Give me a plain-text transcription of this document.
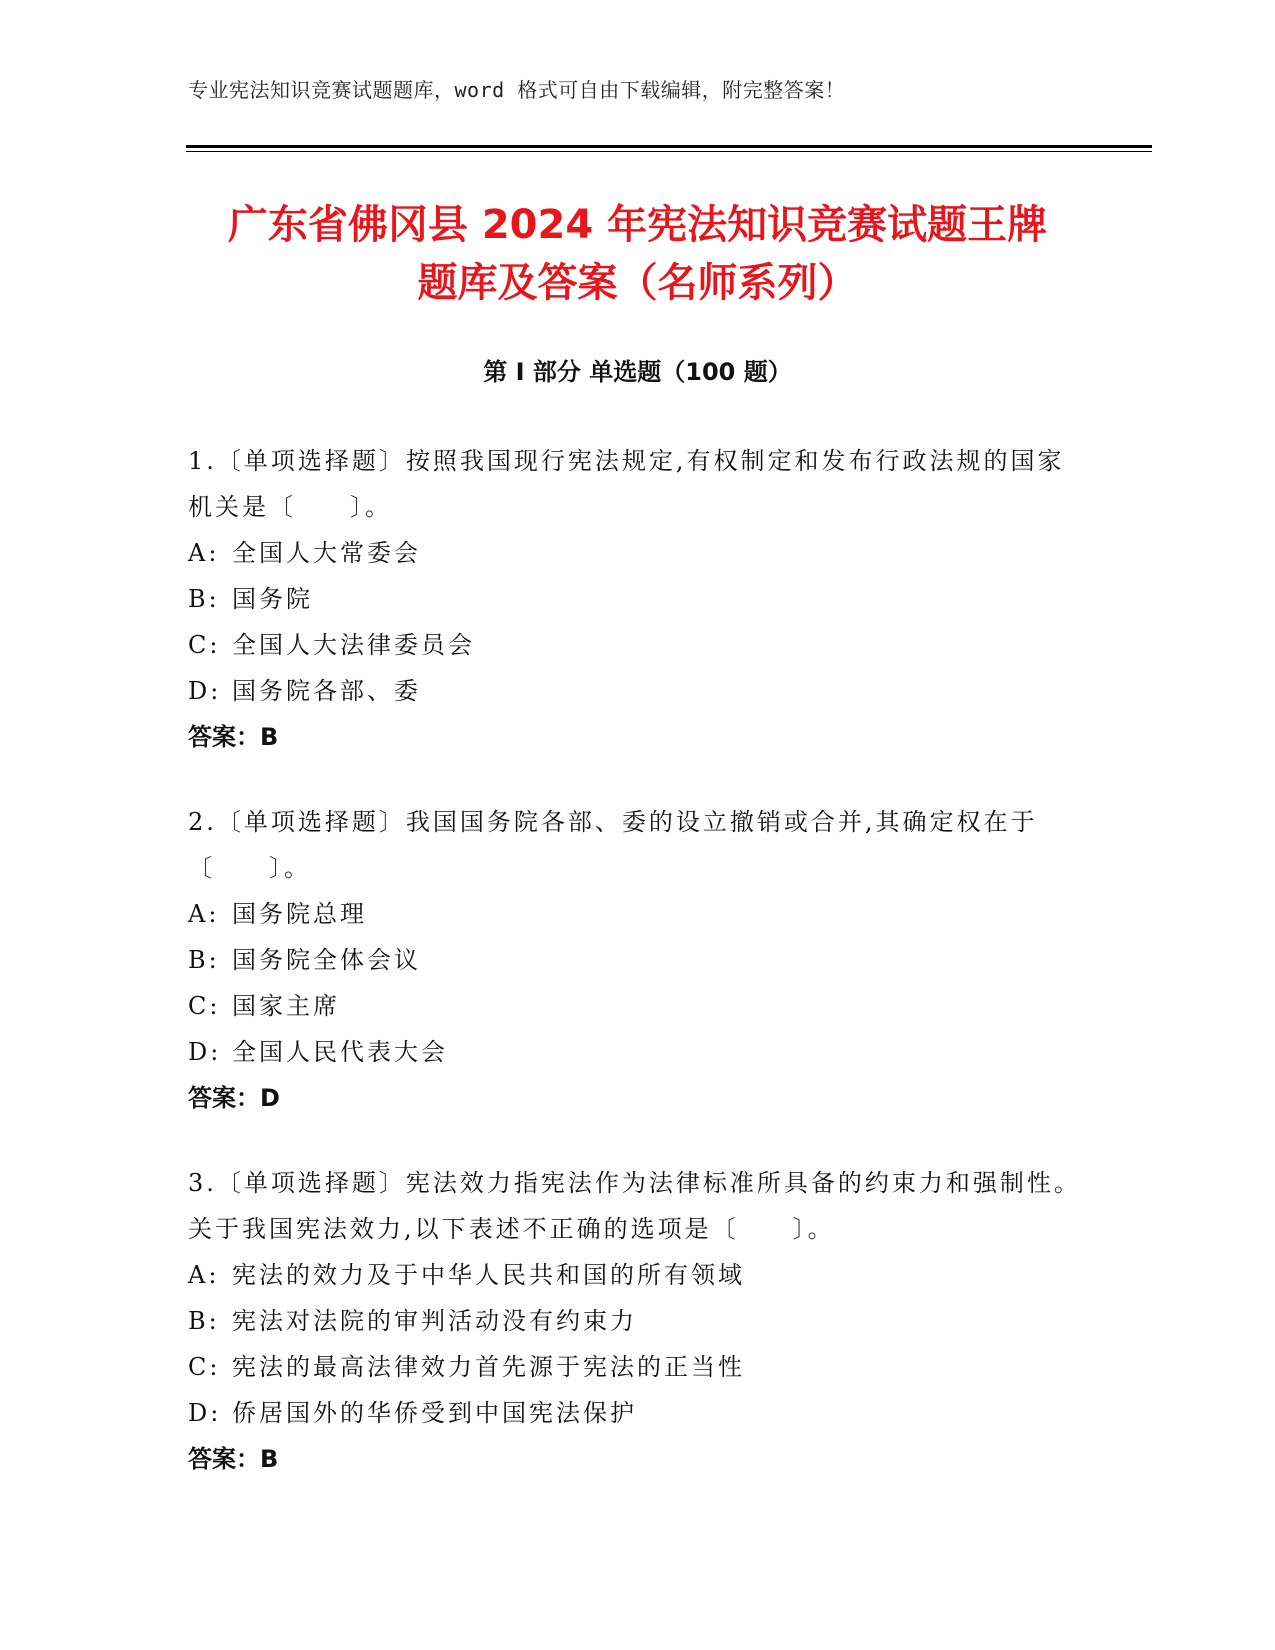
专业宪法知识竞赛试题题库，word 格式可自由下载编辑，附完整答案！
广东省佛冈县 2024 年宪法知识竞赛试题王牌
题库及答案（名师系列）
第 I 部分 单选题（100 题）

1.〔单项选择题〕按照我国现行宪法规定,有权制定和发布行政法规的国家机关是〔　　〕。

A: 全国人大常委会
B: 国务院
C: 全国人大法律委员会
D: 国务院各部、委
答案：B

2.〔单项选择题〕我国国务院各部、委的设立撤销或合并,其确定权在于〔　　〕。

A: 国务院总理
B: 国务院全体会议
C: 国家主席
D: 全国人民代表大会
答案：D

3.〔单项选择题〕宪法效力指宪法作为法律标准所具备的约束力和强制性。关于我国宪法效力,以下表述不正确的选项是〔　　〕。

A: 宪法的效力及于中华人民共和国的所有领域
B: 宪法对法院的审判活动没有约束力
C: 宪法的最高法律效力首先源于宪法的正当性
D: 侨居国外的华侨受到中国宪法保护
答案：B
